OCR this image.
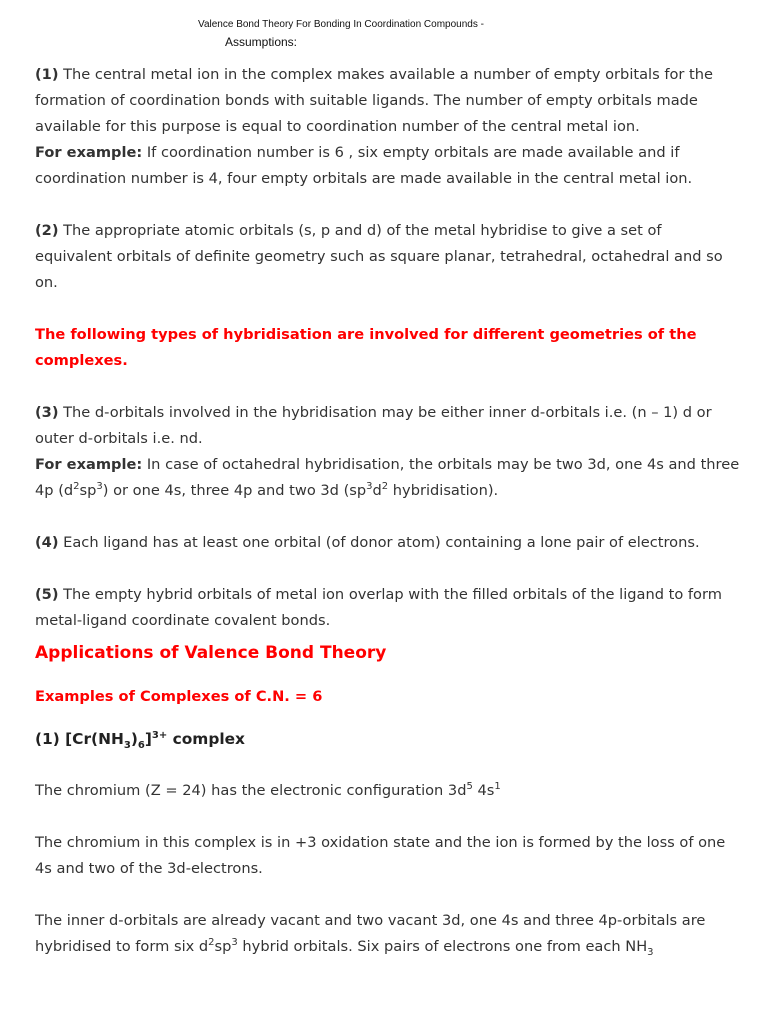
Valence Bond Theory For Bonding In Coordination Compounds -
Assumptions:

(1) The central metal ion in the complex makes available a number of empty orbitals for the formation of coordination bonds with suitable ligands. The number of empty orbitals made available for this purpose is equal to coordination number of the central metal ion.
For example: If coordination number is 6 , six empty orbitals are made available and if coordination number is 4, four empty orbitals are made available in the central metal ion.

(2) The appropriate atomic orbitals (s, p and d) of the metal hybridise to give a set of equivalent orbitals of definite geometry such as square planar, tetrahedral, octahedral and so on.

The following types of hybridisation are involved for different geometries of the complexes.

(3) The d-orbitals involved in the hybridisation may be either inner d-orbitals i.e. (n – 1) d or outer d-orbitals i.e. nd.
For example: In case of octahedral hybridisation, the orbitals may be two 3d, one 4s and three 4p $(d^2sp^3)$ or one 4s, three 4p and two 3d ($sp^3d^2$ hybridisation).

(4) Each ligand has at least one orbital (of donor atom) containing a lone pair of electrons.

(5) The empty hybrid orbitals of metal ion overlap with the filled orbitals of the ligand to form metal-ligand coordinate covalent bonds.

Applications of Valence Bond Theory

Examples of Complexes of C.N. = 6

(1) $[Cr(NH_3)_6]^{3+}$ complex

The chromium (Z = 24) has the electronic configuration $3d^5$ $4s^1$

The chromium in this complex is in +3 oxidation state and the ion is formed by the loss of one 4s and two of the 3d-electrons.

The inner d-orbitals are already vacant and two vacant 3d, one 4s and three 4p-orbitals are hybridised to form six $d^2sp^3$ hybrid orbitals. Six pairs of electrons one from each $NH_3$
